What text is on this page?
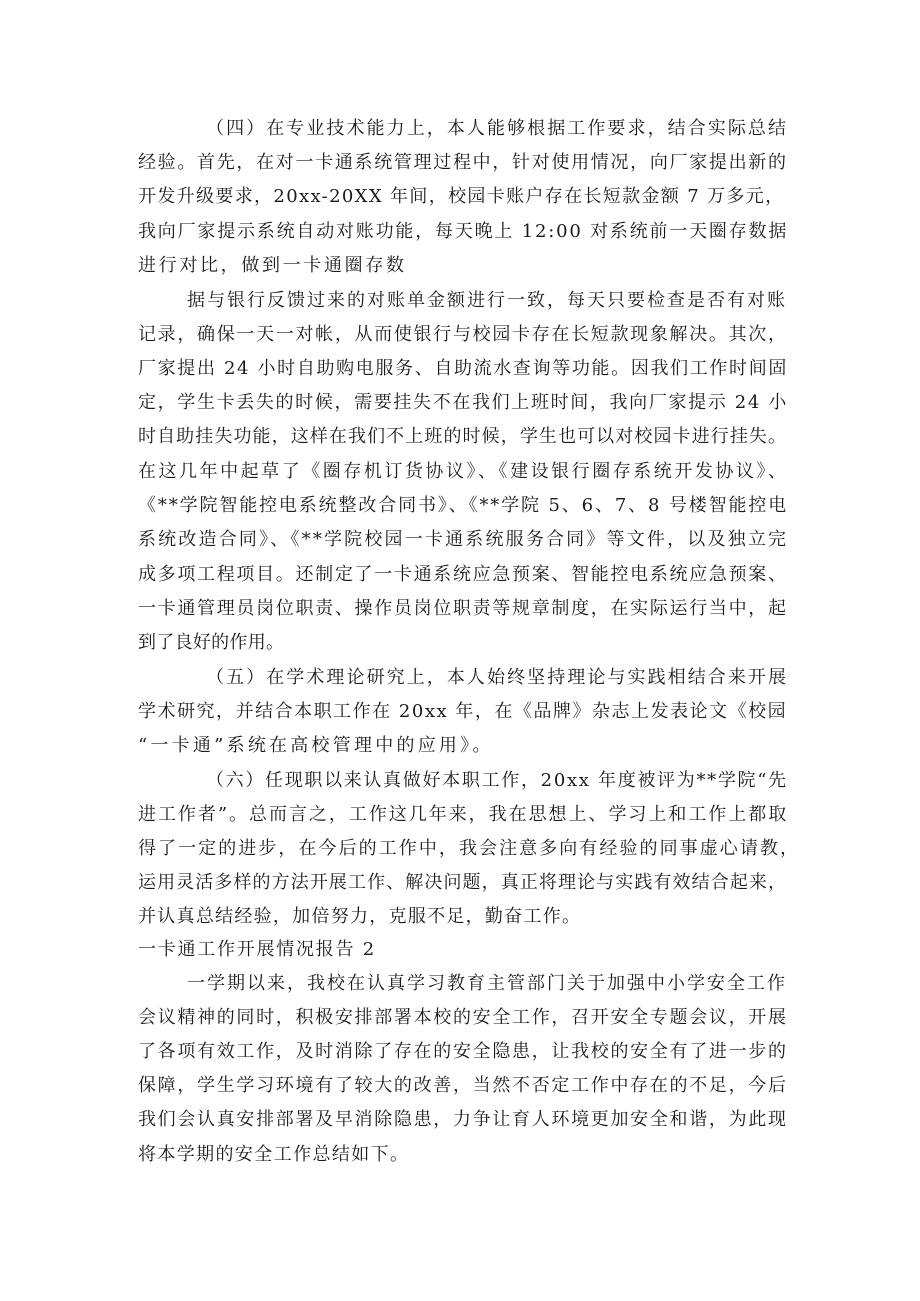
（四）在专业技术能力上，本人能够根据工作要求，结合实际总结

经验。首先，在对一卡通系统管理过程中，针对使用情况，向厂家提出新的

开发升级要求，20xx-20XX 年间，校园卡账户存在长短款金额 7 万多元，

我向厂家提示系统自动对账功能，每天晚上 12:00 对系统前一天圈存数据

进行对比，做到一卡通圈存数

据与银行反馈过来的对账单金额进行一致，每天只要检查是否有对账

记录，确保一天一对帐，从而使银行与校园卡存在长短款现象解决。其次，

厂家提出 24 小时自助购电服务、自助流水查询等功能。因我们工作时间固

定，学生卡丢失的时候，需要挂失不在我们上班时间，我向厂家提示 24 小

时自助挂失功能，这样在我们不上班的时候，学生也可以对校园卡进行挂失。

在这几年中起草了《圈存机订货协议》、《建设银行圈存系统开发协议》、

《**学院智能控电系统整改合同书》、《**学院 5、6、7、8 号楼智能控电

系统改造合同》、《**学院校园一卡通系统服务合同》等文件，以及独立完

成多项工程项目。还制定了一卡通系统应急预案、智能控电系统应急预案、

一卡通管理员岗位职责、操作员岗位职责等规章制度，在实际运行当中，起

到了良好的作用。

（五）在学术理论研究上，本人始终坚持理论与实践相结合来开展

学术研究，并结合本职工作在 20xx 年，在《品牌》杂志上发表论文《校园

“一卡通”系统在高校管理中的应用》。

（六）任现职以来认真做好本职工作，20xx 年度被评为**学院“先

进工作者”。总而言之，工作这几年来，我在思想上、学习上和工作上都取

得了一定的进步，在今后的工作中，我会注意多向有经验的同事虚心请教，

运用灵活多样的方法开展工作、解决问题，真正将理论与实践有效结合起来，

并认真总结经验，加倍努力，克服不足，勤奋工作。

一卡通工作开展情况报告 2

一学期以来，我校在认真学习教育主管部门关于加强中小学安全工作

会议精神的同时，积极安排部署本校的安全工作，召开安全专题会议，开展

了各项有效工作，及时消除了存在的安全隐患，让我校的安全有了进一步的

保障，学生学习环境有了较大的改善，当然不否定工作中存在的不足，今后

我们会认真安排部署及早消除隐患，力争让育人环境更加安全和谐，为此现

将本学期的安全工作总结如下。
